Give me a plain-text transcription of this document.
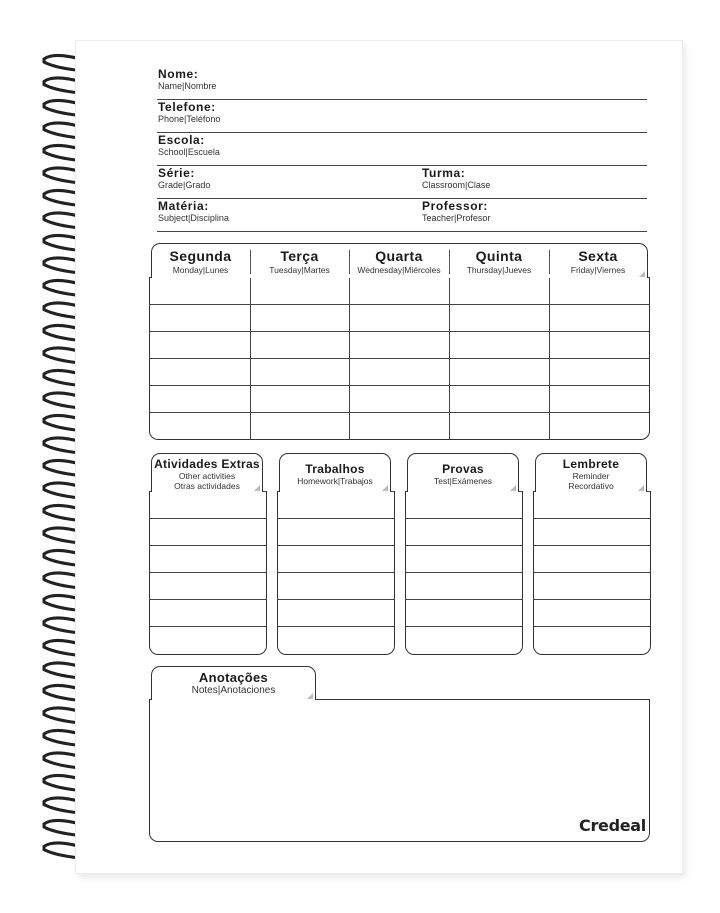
Nome:
Name|Nombre
Telefone:
Phone|Teléfono
Escola:
School|Escuela
Série:
Grade|Grado
Turma:
Classroom|Clase
Matéria:
Subject|Disciplina
Professor:
Teacher|Profesor
Segunda
Monday|Lunes
Terça
Tuesday|Martes
Quarta
Wednesday|Miércoles
Quinta
Thursday|Jueves
Sexta
Friday|Viernes
Atividades Extras
Other activities
Otras actividades
Trabalhos
Homework|Trabajos
Provas
Test|Exámenes
Lembrete
Reminder
Recordativo
Anotações
Notes|Anotaciones
Credeal
